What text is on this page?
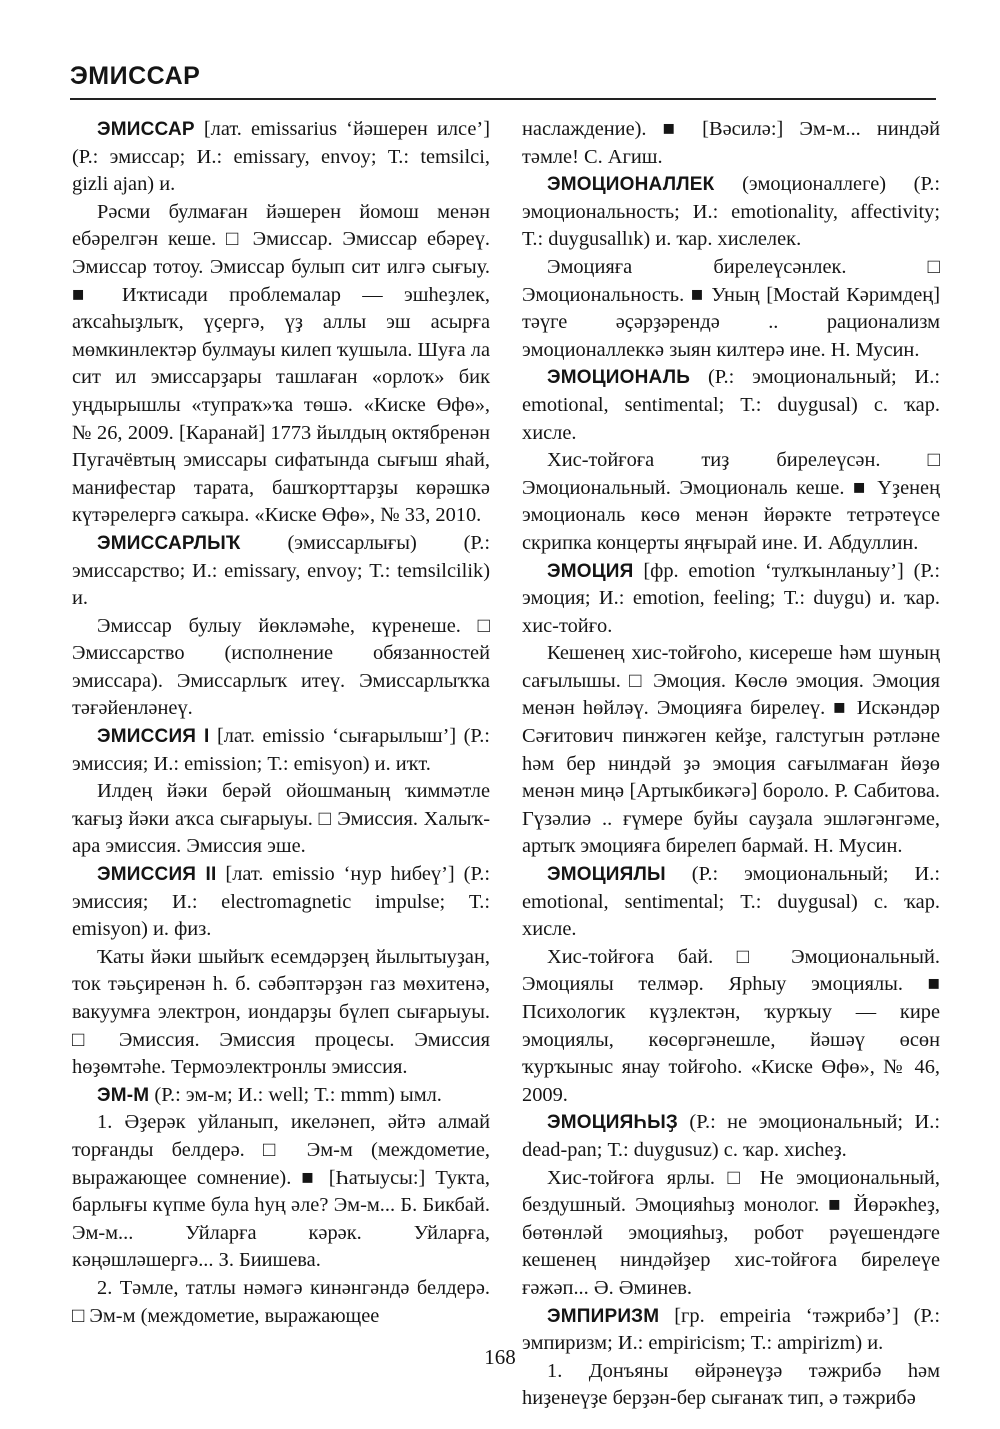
ЭМИССАР

ЭМИССАР [лат. emissarius ‘йәшерен илсе’] (Р.: эмиссар; И.: emissary, envoy; Т.: temsilci, gizli ajan) и.

Рәсми булмаған йәшерен йомош менән ебәрелгән кеше. □ Эмиссар. Эмиссар ебәреү. Эмиссар тотоу. Эмиссар булып сит илгә сығыу. ■ Иҡтисади проблемалар — эшһеҙлек, аҡсаһыҙлыҡ, үҫергә, үҙ аллы эш асырға мөмкинлектәр булмауы килеп ҡушыла. Шуға ла сит ил эмиссарҙары ташлаған «орлоҡ» бик уңдырышлы «тупраҡ»ҡа төшә. «Киске Өфө», № 26, 2009. [Каранай] 1773 йылдың октябренән Пугачёвтың эмиссары сифатында сығыш яһай, манифестар тарата, башҡорттарҙы көрәшкә күтәрелергә саҡыра. «Киске Өфө», № 33, 2010.

ЭМИССАРЛЫҠ (эмиссарлығы) (Р.: эмиссарство; И.: emissary, envoy; Т.: temsilcilik) и.

Эмиссар булыу йөкләмәһе, күренеше. □ Эмиссарство (исполнение обязанностей эмиссара). Эмиссарлыҡ итеү. Эмиссарлыҡҡа тәғәйенләнеү.

ЭМИССИЯ I [лат. emissio ‘сығарылыш’] (Р.: эмиссия; И.: emission; Т.: emisyon) и. иҡт.

Илдең йәки берәй ойошманың ҡиммәтле ҡағыҙ йәки аҡса сығарыуы. □ Эмиссия. Халыҡ-ара эмиссия. Эмиссия эше.

ЭМИССИЯ II [лат. emissio ‘нур һибеү’] (Р.: эмиссия; И.: electromagnetic impulse; Т.: emisyon) и. физ.

Ҡаты йәки шыйыҡ есемдәрҙең йылытыуҙан, ток тәьҫиренән һ. б. сәбәптәрҙән газ мөхитенә, вакуумға электрон, иондарҙы бүлеп сығарыуы. □ Эмиссия. Эмиссия процесы. Эмиссия һөҙөмтәһе. Термоэлектронлы эмиссия.

ЭМ-М (Р.: эм-м; И.: well; Т.: mmm) ымл.

1. Әҙерәк уйланып, икеләнеп, әйтә алмай торғанды белдерә. □ Эм-м (междометие, выражающее сомнение). ■ [Һатыусы:] Тукта, барлығы күпме була һуң әле? Эм-м... Б. Бикбай. Эм-м... Уйларға кәрәк. Уйларға, кәңәшләшергә... З. Биишева.

2. Тәмле, татлы нәмәгә кинәнгәндә белдерә. □ Эм-м (междометие, выражающее

наслаждение). ■ [Вәсилә:] Эм-м... ниндәй тәмле! С. Агиш.

ЭМОЦИОНАЛЛЕК (эмоционаллеге) (Р.: эмоциональность; И.: emotionality, affectivity; Т.: duygusallık) и. ҡар. хислелек.

Эмоцияға бирелеүсәнлек. □ Эмоциональность. ■ Уның [Мостай Кәримдең] тәүге әҫәрҙәрендә .. рационализм эмоционаллеккә зыян килтерә ине. Н. Мусин.

ЭМОЦИОНАЛЬ (Р.: эмоциональный; И.: emotional, sentimental; Т.: duygusal) с. ҡар. хисле.

Хис-тойғоға тиҙ бирелеүсән. □ Эмоциональный. Эмоциональ кеше. ■ Үҙенең эмоциональ көсө менән йөрәкте тетрәтеүсе скрипка концерты яңғырай ине. И. Абдуллин.

ЭМОЦИЯ [фр. emotion ‘тулҡынланыу’] (Р.: эмоция; И.: emotion, feeling; Т.: duygu) и. ҡар. хис-тойғо.

Кешенең хис-тойғоһо, кисереше һәм шуның сағылышы. □ Эмоция. Көслө эмоция. Эмоция менән һөйләү. Эмоцияға бирелеү. ■ Искәндәр Сәғитович пинжәген кейҙе, галстугын рәтләне һәм бер ниндәй ҙә эмоция сағылмаған йөҙө менән миңә [Артыкбикәгә] бороло. Р. Сабитова. Гүзәлиә .. ғүмере буйы сауҙала эшләгәнгәме, артыҡ эмоцияға бирелеп бармай. Н. Мусин.

ЭМОЦИЯЛЫ (Р.: эмоциональный; И.: emotional, sentimental; Т.: duygusal) с. ҡар. хисле.

Хис-тойғоға бай. □ Эмоциональный. Эмоциялы телмәр. Ярһыу эмоциялы. ■ Психологик күҙлектән, ҡурҡыу — кире эмоциялы, көсөргәнешле, йәшәү өсөн ҡурҡыныс янау тойғоһо. «Киске Өфө», № 46, 2009.

ЭМОЦИЯҺЫҘ (Р.: не эмоциональный; И.: dead-pan; Т.: duygusuz) с. ҡар. хисһеҙ.

Хис-тойғоға ярлы. □ Не эмоциональный, бездушный. Эмоцияһыҙ монолог. ■ Йөрәкһеҙ, бөтөнләй эмоцияһыҙ, робот рәүешендәге кешенең ниндәйҙер хис-тойғоға бирелеүе ғәжәп... Ә. Әминев.

ЭМПИРИЗМ [гр. empeiria ‘тәжрибә’] (Р.: эмпиризм; И.: empiricism; Т.: ampirizm) и.

1. Донъяны өйрәнеүҙә тәжрибә һәм һиҙенеүҙе берҙән-бер сығанаҡ тип, ә тәжрибә

168
